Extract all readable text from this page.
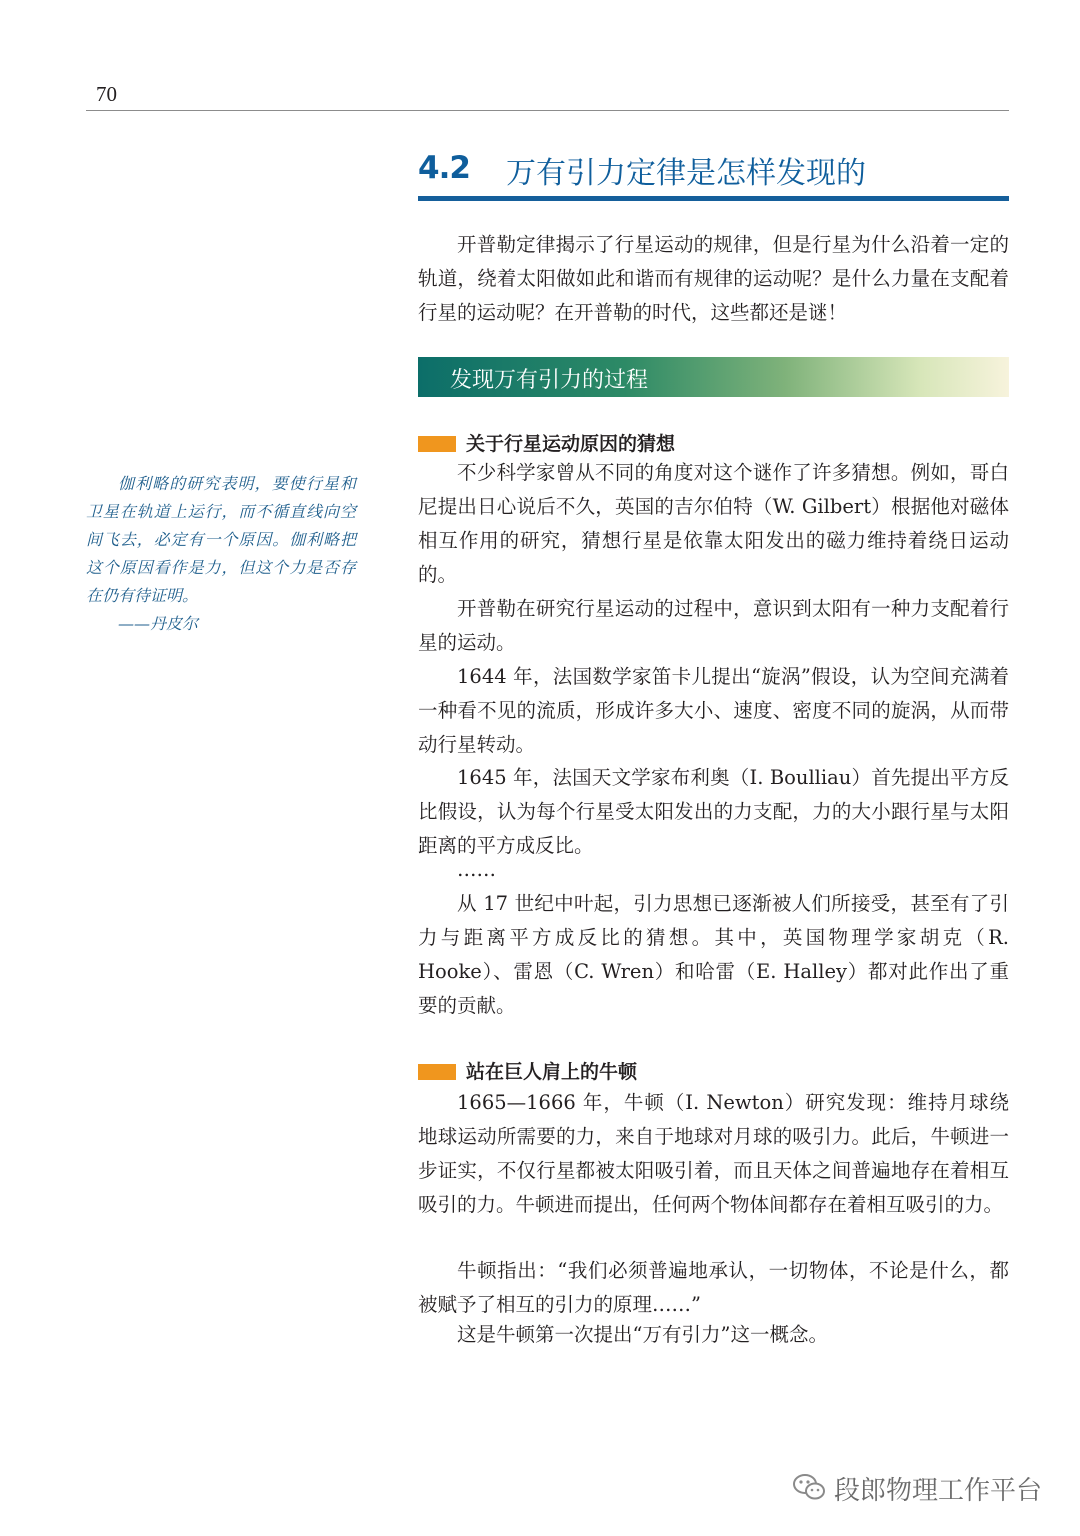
70
4.2 万有引力定律是怎样发现的

开普勒定律揭示了行星运动的规律，但是行星为什么沿着一定的轨道，绕着太阳做如此和谐而有规律的运动呢？是什么力量在支配着行星的运动呢？在开普勒的时代，这些都还是谜！

发现万有引力的过程
关于行星运动原因的猜想

不少科学家曾从不同的角度对这个谜作了许多猜想。例如，哥白尼提出日心说后不久，英国的吉尔伯特（W. Gilbert）根据他对磁体相互作用的研究，猜想行星是依靠太阳发出的磁力维持着绕日运动的。

开普勒在研究行星运动的过程中，意识到太阳有一种力支配着行星的运动。

1644 年，法国数学家笛卡儿提出“旋涡”假设，认为空间充满着一种看不见的流质，形成许多大小、速度、密度不同的旋涡，从而带动行星转动。

1645 年，法国天文学家布利奥（I. Boulliau）首先提出平方反比假设，认为每个行星受太阳发出的力支配，力的大小跟行星与太阳距离的平方成反比。

……

从 17 世纪中叶起，引力思想已逐渐被人们所接受，甚至有了引力与距离平方成反比的猜想。其中，英国物理学家胡克（R. Hooke）、雷恩（C. Wren）和哈雷（E. Halley）都对此作出了重要的贡献。

站在巨人肩上的牛顿

1665—1666 年，牛顿（I. Newton）研究发现：维持月球绕地球运动所需要的力，来自于地球对月球的吸引力。此后，牛顿进一步证实，不仅行星都被太阳吸引着，而且天体之间普遍地存在着相互吸引的力。牛顿进而提出，任何两个物体间都存在着相互吸引的力。

牛顿指出：“我们必须普遍地承认，一切物体，不论是什么，都被赋予了相互的引力的原理……”

这是牛顿第一次提出“万有引力”这一概念。

伽利略的研究表明，要使行星和卫星在轨道上运行，而不循直线向空间飞去，必定有一个原因。伽利略把这个原因看作是力，但这个力是否存在仍有待证明。

——丹皮尔

段郎物理工作平台
